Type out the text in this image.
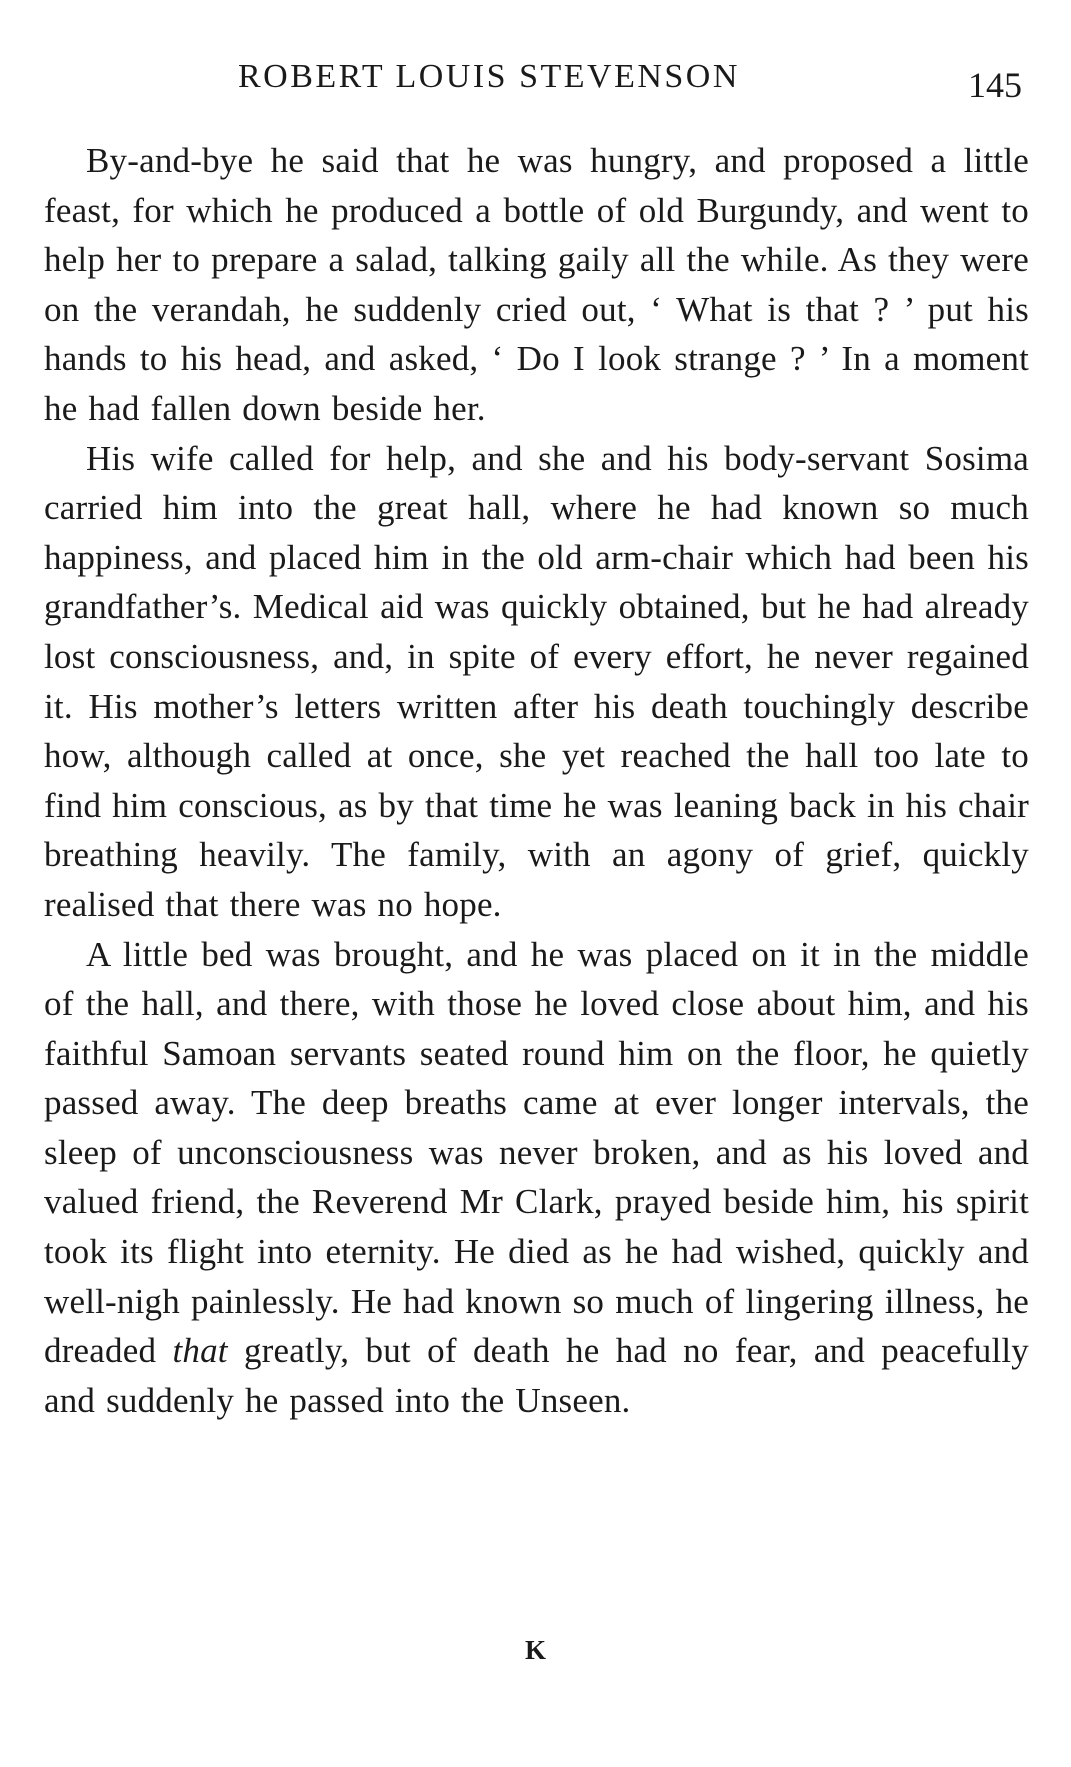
ROBERT LOUIS STEVENSON	145

By-and-bye he said that he was hungry, and proposed a little feast, for which he produced a bottle of old Burgundy, and went to help her to prepare a salad, talking gaily all the while. As they were on the verandah, he suddenly cried out, ‘ What is that ? ’ put his hands to his head, and asked, ‘ Do I look strange ? ’ In a moment he had fallen down beside her.

His wife called for help, and she and his body-servant Sosima carried him into the great hall, where he had known so much happiness, and placed him in the old arm-chair which had been his grandfather’s. Medical aid was quickly obtained, but he had already lost consciousness, and, in spite of every effort, he never regained it. His mother’s letters written after his death touchingly describe how, although called at once, she yet reached the hall too late to find him conscious, as by that time he was leaning back in his chair breathing heavily. The family, with an agony of grief, quickly realised that there was no hope.

A little bed was brought, and he was placed on it in the middle of the hall, and there, with those he loved close about him, and his faithful Samoan servants seated round him on the floor, he quietly passed away. The deep breaths came at ever longer intervals, the sleep of unconsciousness was never broken, and as his loved and valued friend, the Reverend Mr Clark, prayed beside him, his spirit took its flight into eternity. He died as he had wished, quickly and well-nigh painlessly. He had known so much of lingering illness, he dreaded that greatly, but of death he had no fear, and peacefully and suddenly he passed into the Unseen.

K
